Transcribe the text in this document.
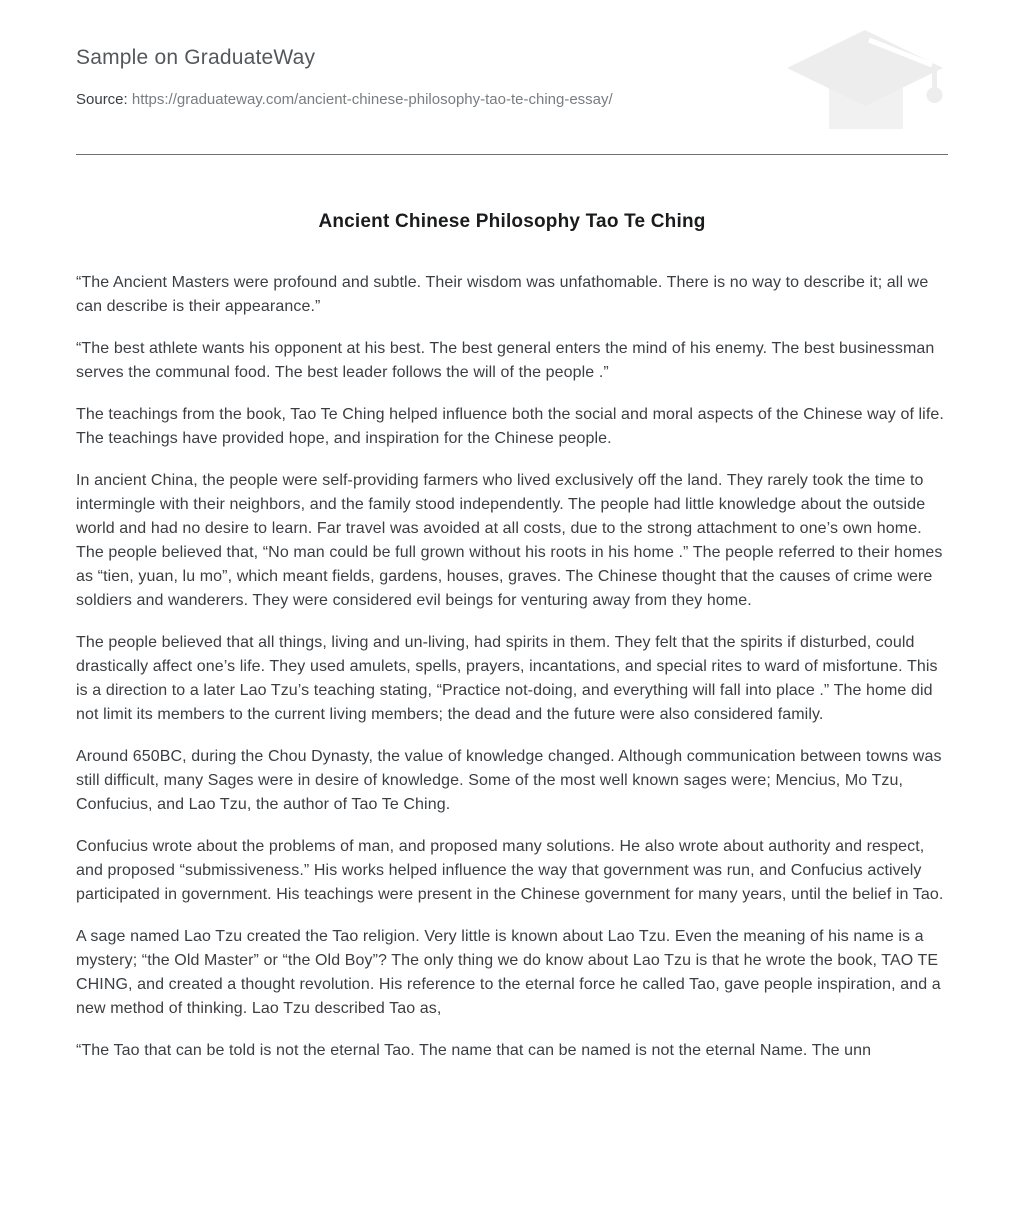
Sample on GraduateWay
Source: https://graduateway.com/ancient-chinese-philosophy-tao-te-ching-essay/
Ancient Chinese Philosophy Tao Te Ching

“The Ancient Masters were profound and subtle. Their wisdom was unfathomable. There is no way to describe it; all we can describe is their appearance.”

“The best athlete wants his opponent at his best. The best general enters the mind of his enemy. The best businessman serves the communal food. The best leader follows the will of the people .”

The teachings from the book, Tao Te Ching helped influence both the social and moral aspects of the Chinese way of life. The teachings have provided hope, and inspiration for the Chinese people.

In ancient China, the people were self-providing farmers who lived exclusively off the land. They rarely took the time to intermingle with their neighbors, and the family stood independently. The people had little knowledge about the outside world and had no desire to learn. Far travel was avoided at all costs, due to the strong attachment to one’s own home. The people believed that, “No man could be full grown without his roots in his home .” The people referred to their homes as “tien, yuan, lu mo”, which meant fields, gardens, houses, graves. The Chinese thought that the causes of crime were soldiers and wanderers. They were considered evil beings for venturing away from they home.

The people believed that all things, living and un-living, had spirits in them. They felt that the spirits if disturbed, could drastically affect one’s life. They used amulets, spells, prayers, incantations, and special rites to ward of misfortune. This is a direction to a later Lao Tzu’s teaching stating, “Practice not-doing, and everything will fall into place .” The home did not limit its members to the current living members; the dead and the future were also considered family.

Around 650BC, during the Chou Dynasty, the value of knowledge changed. Although communication between towns was still difficult, many Sages were in desire of knowledge. Some of the most well known sages were; Mencius, Mo Tzu, Confucius, and Lao Tzu, the author of Tao Te Ching.

Confucius wrote about the problems of man, and proposed many solutions. He also wrote about authority and respect, and proposed “submissiveness.” His works helped influence the way that government was run, and Confucius actively participated in government. His teachings were present in the Chinese government for many years, until the belief in Tao.

A sage named Lao Tzu created the Tao religion. Very little is known about Lao Tzu. Even the meaning of his name is a mystery; “the Old Master” or “the Old Boy”? The only thing we do know about Lao Tzu is that he wrote the book, TAO TE CHING, and created a thought revolution. His reference to the eternal force he called Tao, gave people inspiration, and a new method of thinking. Lao Tzu described Tao as,

“The Tao that can be told is not the eternal Tao. The name that can be named is not the eternal Name. The unn
